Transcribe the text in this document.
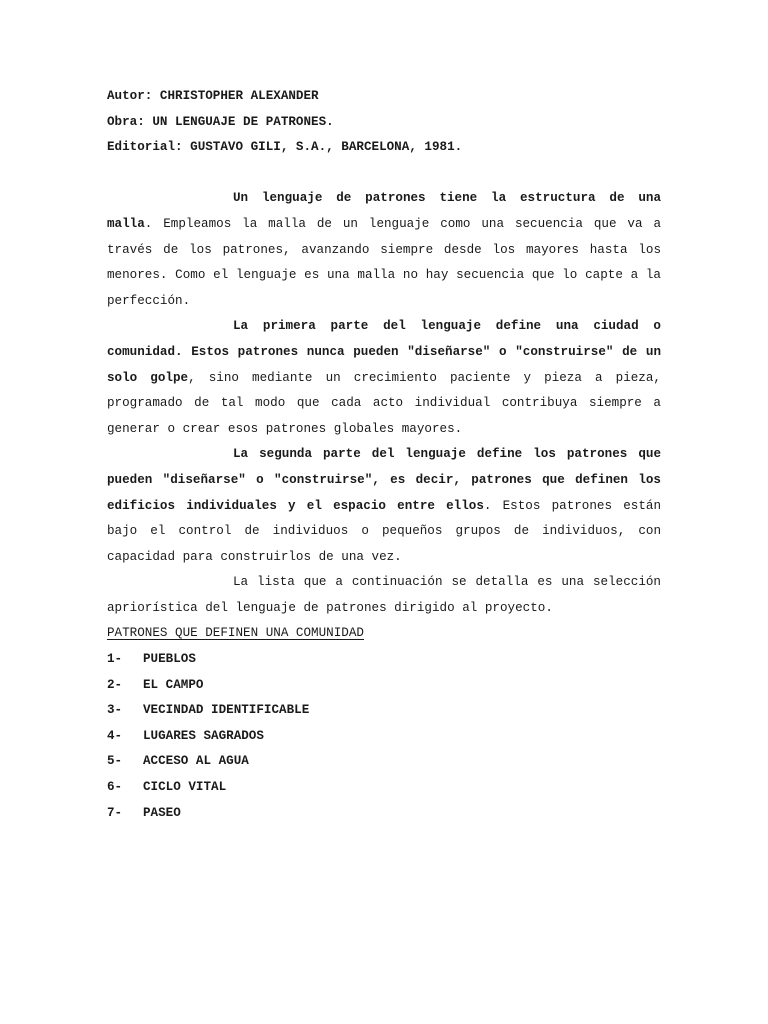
Autor: CHRISTOPHER ALEXANDER
Obra: UN LENGUAJE DE PATRONES.
Editorial: GUSTAVO GILI, S.A., BARCELONA, 1981.

Un lenguaje de patrones tiene la estructura de una malla. Empleamos la malla de un lenguaje como una secuencia que va a través de los patrones, avanzando siempre desde los mayores hasta los menores. Como el lenguaje es una malla no hay secuencia que lo capte a la perfección.

La primera parte del lenguaje define una ciudad o comunidad. Estos patrones nunca pueden "diseñarse" o "construirse" de un solo golpe, sino mediante un crecimiento paciente y pieza a pieza, programado de tal modo que cada acto individual contribuya siempre a generar o crear esos patrones globales mayores.

La segunda parte del lenguaje define los patrones que pueden "diseñarse" o "construirse", es decir, patrones que definen los edificios individuales y el espacio entre ellos. Estos patrones están bajo el control de individuos o pequeños grupos de individuos, con capacidad para construirlos de una vez.

La lista que a continuación se detalla es una selección apriorística del lenguaje de patrones dirigido al proyecto.

PATRONES QUE DEFINEN UNA COMUNIDAD
1-	PUEBLOS
2-	EL CAMPO
3-	VECINDAD IDENTIFICABLE
4-	LUGARES SAGRADOS
5-	ACCESO AL AGUA
6-	CICLO VITAL
7-	PASEO
